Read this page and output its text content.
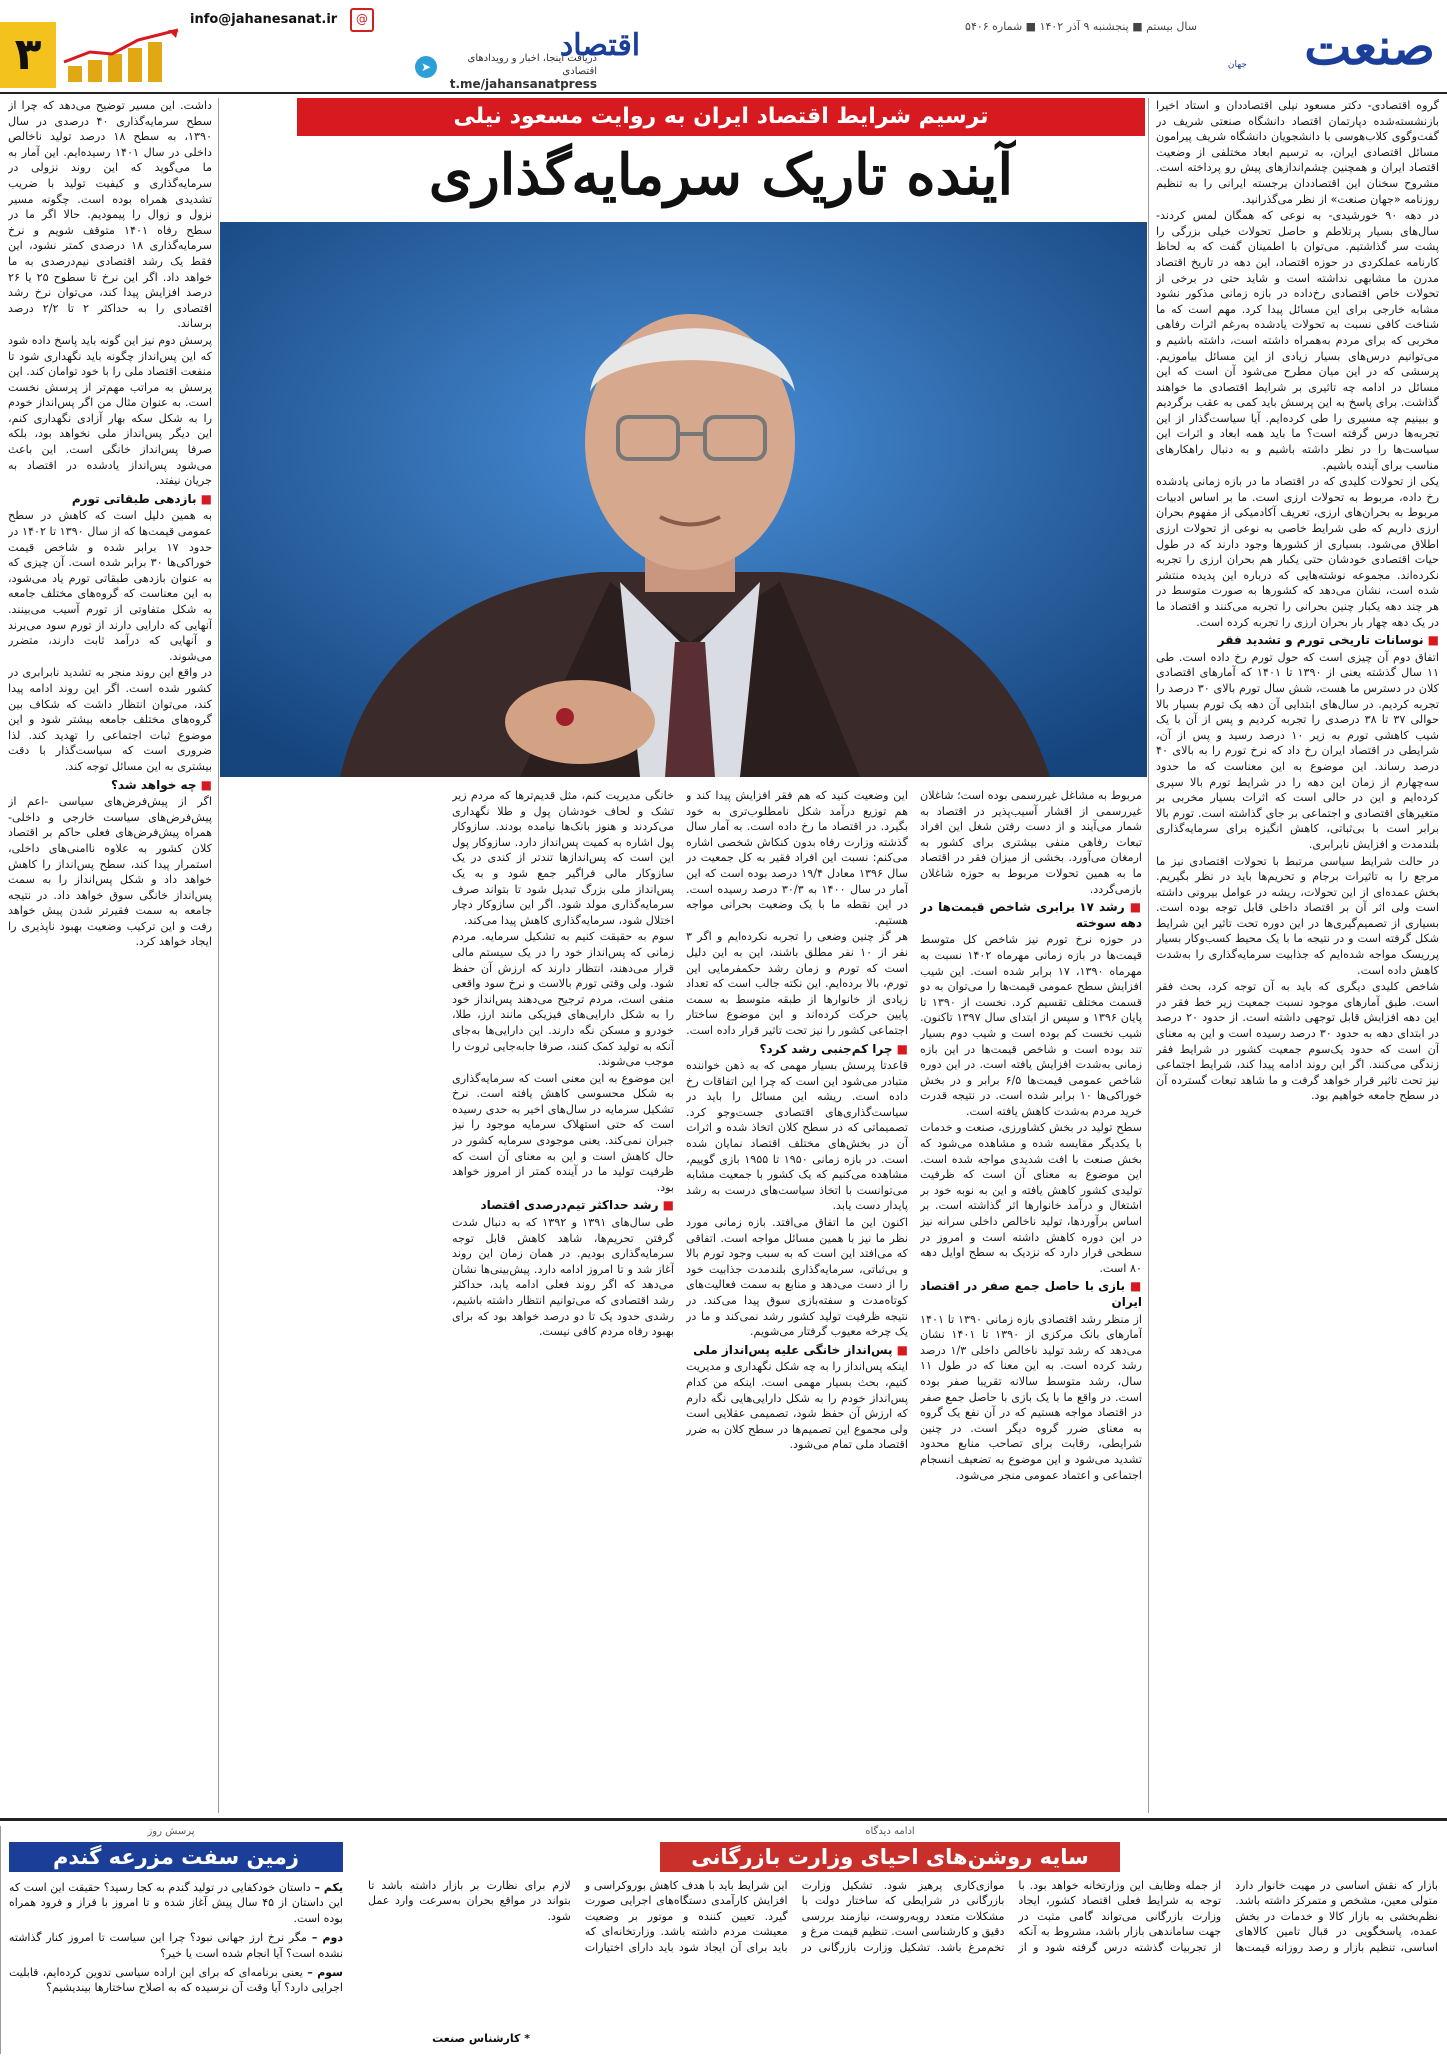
صنعت
جهان
سال بیستم ■ پنجشنبه ۹ آذر ۱۴۰۲ ■ شماره ۵۴۰۶
➤
دریافت اینجا، اخبار و رویدادهای اقتصادی
t.me/jahansanatpress
اقتصاد
@
info@jahanesanat.ir
۳
ترسیم شرایط اقتصاد ایران به روایت مسعود نیلی
آینده تاریک سرمایه‌گذاری

گروه اقتصادی- دکتر مسعود نیلی اقتصاددان و استاد اخیرا بازنشسته‌شده دپارتمان اقتصاد دانشگاه صنعتی شریف در گفت‌وگوی کلاب‌هوسی با دانشجویان دانشگاه شریف پیرامون مسائل اقتصادی ایران، به ترسیم ابعاد مختلفی از وضعیت اقتصاد ایران و همچنین چشم‌اندازهای پیش رو پرداخته است. مشروح سخنان این اقتصاددان برجسته ایرانی را به تنظیم روزنامه «جهان صنعت» از نظر می‌گذرانید.

در دهه ۹۰ خورشیدی- به نوعی که همگان لمس کردند- سال‌های بسیار پرتلاطم و حاصل تحولات خیلی بزرگی را پشت سر گذاشتیم. می‌توان با اطمینان گفت که به لحاظ کارنامه عملکردی در حوزه اقتصاد، این دهه در تاریخ اقتصاد مدرن ما مشابهی نداشته است و شاید حتی در برخی از تحولات خاص اقتصادی رخ‌داده در بازه زمانی مذکور نشود مشابه خارجی برای این مسائل پیدا کرد. مهم است که ما شناخت کافی نسبت به تحولات یادشده به‌رغم اثرات رفاهی مخربی که برای مردم به‌همراه داشته است، داشته باشیم و می‌توانیم درس‌های بسیار زیادی از این مسائل بیاموزیم. پرسشی که در این میان مطرح می‌شود آن است که این مسائل در ادامه چه تاثیری بر شرایط اقتصادی ما خواهند گذاشت. برای پاسخ به این پرسش باید کمی به عقب برگردیم و ببینیم چه مسیری را طی کرده‌ایم. آیا سیاست‌گذار از این تجربه‌ها درس گرفته است؟ ما باید همه ابعاد و اثرات این سیاست‌ها را در نظر داشته باشیم و به دنبال راهکارهای مناسب برای آینده باشیم.

یکی از تحولات کلیدی که در اقتصاد ما در بازه زمانی یادشده رخ داده، مربوط به تحولات ارزی است. ما بر اساس ادبیات مربوط به بحران‌های ارزی، تعریف آکادمیکی از مفهوم بحران ارزی داریم که طی شرایط خاصی به نوعی از تحولات ارزی اطلاق می‌شود. بسیاری از کشورها وجود دارند که در طول حیات اقتصادی خودشان حتی یکبار هم بحران ارزی را تجربه نکرده‌اند. مجموعه نوشته‌هایی که درباره این پدیده منتشر شده است، نشان می‌دهد که کشورها به صورت متوسط در هر چند دهه یکبار چنین بحرانی را تجربه می‌کنند و اقتصاد ما در یک دهه چهار بار بحران ارزی را تجربه کرده است.

■ نوسانات تاریخی تورم و تشدید فقر

اتفاق دوم آن چیزی است که حول تورم رخ داده است. طی ۱۱ سال گذشته یعنی از ۱۳۹۰ تا ۱۴۰۱ که آمارهای اقتصادی کلان در دسترس ما هست، شش سال تورم بالای ۳۰ درصد را تجربه کردیم. در سال‌های ابتدایی آن دهه یک تورم بسیار بالا حوالی ۳۷ تا ۳۸ درصدی را تجربه کردیم و پس از آن با یک شیب کاهشی تورم به زیر ۱۰ درصد رسید و پس از آن، شرایطی در اقتصاد ایران رخ داد که نرخ تورم را به بالای ۴۰ درصد رساند. این موضوع به این معناست که ما حدود سه‌چهارم از زمان این دهه را در شرایط تورم بالا سپری کرده‌ایم و این در حالی است که اثرات بسیار مخربی بر متغیرهای اقتصادی و اجتماعی بر جای گذاشته است. تورم بالا برابر است با بی‌ثباتی، کاهش انگیزه برای سرمایه‌گذاری بلندمدت و افزایش نابرابری.

در حالت شرایط سیاسی مرتبط با تحولات اقتصادی نیز ما مرجع را به تاثیرات برجام و تحریم‌ها باید در نظر بگیریم. بخش عمده‌ای از این تحولات، ریشه در عوامل بیرونی داشته است ولی اثر آن بر اقتصاد داخلی قابل توجه بوده است. بسیاری از تصمیم‌گیری‌ها در این دوره تحت تاثیر این شرایط شکل گرفته است و در نتیجه ما با یک محیط کسب‌وکار بسیار پرریسک مواجه شده‌ایم که جذابیت سرمایه‌گذاری را به‌شدت کاهش داده است.

شاخص کلیدی دیگری که باید به آن توجه کرد، بحث فقر است. طبق آمارهای موجود نسبت جمعیت زیر خط فقر در این دهه افزایش قابل توجهی داشته است. از حدود ۲۰ درصد در ابتدای دهه به حدود ۳۰ درصد رسیده است و این به معنای آن است که حدود یک‌سوم جمعیت کشور در شرایط فقر زندگی می‌کنند. اگر این روند ادامه پیدا کند، شرایط اجتماعی نیز تحت تاثیر قرار خواهد گرفت و ما شاهد تبعات گسترده آن در سطح جامعه خواهیم بود.

مربوط به مشاغل غیررسمی بوده است؛ شاغلان غیررسمی از اقشار آسیب‌پذیر در اقتصاد به شمار می‌آیند و از دست رفتن شغل این افراد تبعات رفاهی منفی بیشتری برای کشور به ارمغان می‌آورد. بخشی از میزان فقر در اقتصاد ما به همین تحولات مربوط به حوزه شاغلان بازمی‌گردد.

■ رشد ۱۷ برابری شاخص قیمت‌ها در دهه سوخته

در حوزه نرخ تورم نیز شاخص کل متوسط قیمت‌ها در بازه زمانی مهرماه ۱۴۰۲ نسبت به مهرماه ۱۳۹۰، ۱۷ برابر شده است. این شیب افزایش سطح عمومی قیمت‌ها را می‌توان به دو قسمت مختلف تقسیم کرد. نخست از ۱۳۹۰ تا پایان ۱۳۹۶ و سپس از ابتدای سال ۱۳۹۷ تاکنون. شیب نخست کم بوده است و شیب دوم بسیار تند بوده است و شاخص قیمت‌ها در این بازه زمانی به‌شدت افزایش یافته است. در این دوره شاخص عمومی قیمت‌ها ۶/۵ برابر و در بخش خوراکی‌ها ۱۰ برابر شده است. در نتیجه قدرت خرید مردم به‌شدت کاهش یافته است.

سطح تولید در بخش کشاورزی، صنعت و خدمات با یکدیگر مقایسه شده و مشاهده می‌شود که بخش صنعت با افت شدیدی مواجه شده است. این موضوع به معنای آن است که ظرفیت تولیدی کشور کاهش یافته و این به نوبه خود بر اشتغال و درآمد خانوارها اثر گذاشته است. بر اساس برآوردها، تولید ناخالص داخلی سرانه نیز در این دوره کاهش داشته است و امروز در سطحی قرار دارد که نزدیک به سطح اوایل دهه ۸۰ است.

■ بازی با حاصل جمع صفر در اقتصاد ایران

از منظر رشد اقتصادی بازه زمانی ۱۳۹۰ تا ۱۴۰۱ آمارهای بانک مرکزی از ۱۳۹۰ تا ۱۴۰۱ نشان می‌دهد که رشد تولید ناخالص داخلی ۱/۳ درصد رشد کرده است. به این معنا که در طول ۱۱ سال، رشد متوسط سالانه تقریبا صفر بوده است. در واقع ما با یک بازی با حاصل جمع صفر در اقتصاد مواجه هستیم که در آن نفع یک گروه به معنای ضرر گروه دیگر است. در چنین شرایطی، رقابت برای تصاحب منابع محدود تشدید می‌شود و این موضوع به تضعیف انسجام اجتماعی و اعتماد عمومی منجر می‌شود.

این وضعیت کنید که هم فقر افزایش پیدا کند و هم توزیع درآمد شکل نامطلوب‌تری به خود بگیرد. در اقتصاد ما رخ داده است. به آمار سال گذشته وزارت رفاه بدون کنکاش شخصی اشاره می‌کنم: نسبت این افراد فقیر به کل جمعیت در سال ۱۳۹۶ معادل ۱۹/۴ درصد بوده است که این آمار در سال ۱۴۰۰ به ۳۰/۳ درصد رسیده است. در این نقطه ما با یک وضعیت بحرانی مواجه هستیم.

هر گز چنین وضعی را تجربه نکرده‌ایم و اگر ۳ نفر از ۱۰ نفر مطلق باشند، این به این دلیل است که تورم و زمان رشد حکمفرمایی این تورم، بالا برده‌ایم. این نکته جالب است که تعداد زیادی از خانوارها از طبقه متوسط به سمت پایین حرکت کرده‌اند و این موضوع ساختار اجتماعی کشور را نیز تحت تاثیر قرار داده است.

■ چرا کم‌جنبی رشد کرد؟

قاعدتا پرسش بسیار مهمی که به ذهن خواننده متبادر می‌شود این است که چرا این اتفاقات رخ داده است. ریشه این مسائل را باید در سیاست‌گذاری‌های اقتصادی جست‌وجو کرد. تصمیماتی که در سطح کلان اتخاذ شده و اثرات آن در بخش‌های مختلف اقتصاد نمایان شده است. در بازه زمانی ۱۹۵۰ تا ۱۹۵۵ بازی گوییم، مشاهده می‌کنیم که یک کشور با جمعیت مشابه می‌توانست با اتخاذ سیاست‌های درست به رشد پایدار دست یابد.

اکنون این ما اتفاق می‌افتد. بازه زمانی مورد نظر ما نیز با همین مسائل مواجه است. اتفاقی که می‌افتد این است که به سبب وجود تورم بالا و بی‌ثباتی، سرمایه‌گذاری بلندمدت جذابیت خود را از دست می‌دهد و منابع به سمت فعالیت‌های کوتاه‌مدت و سفته‌بازی سوق پیدا می‌کند. در نتیجه ظرفیت تولید کشور رشد نمی‌کند و ما در یک چرخه معیوب گرفتار می‌شویم.

■ پس‌انداز خانگی علیه پس‌انداز ملی

اینکه پس‌انداز را به چه شکل نگهداری و مدیریت کنیم، بحث بسیار مهمی است. اینکه من کدام پس‌انداز خودم را به شکل دارایی‌هایی نگه دارم که ارزش آن حفظ شود، تصمیمی عقلایی است ولی مجموع این تصمیم‌ها در سطح کلان به ضرر اقتصاد ملی تمام می‌شود.

خانگی مدیریت کنم، مثل قدیم‌ترها که مردم زیر تشک و لحاف خودشان پول و طلا نگهداری می‌کردند و هنوز بانک‌ها نیامده بودند. سازوکار پول اشاره به کمیت پس‌انداز دارد. سازوکار پول این است که پس‌اندازها تندتر از کندی در یک سازوکار مالی فراگیر جمع شود و به یک پس‌انداز ملی بزرگ تبدیل شود تا بتواند صرف سرمایه‌گذاری مولد شود. اگر این سازوکار دچار اختلال شود، سرمایه‌گذاری کاهش پیدا می‌کند.

سوم به حقیقت کنیم به تشکیل سرمایه. مردم زمانی که پس‌انداز خود را در یک سیستم مالی قرار می‌دهند، انتظار دارند که ارزش آن حفظ شود. ولی وقتی تورم بالاست و نرخ سود واقعی منفی است، مردم ترجیح می‌دهند پس‌انداز خود را به شکل دارایی‌های فیزیکی مانند ارز، طلا، خودرو و مسکن نگه دارند. این دارایی‌ها به‌جای آنکه به تولید کمک کنند، صرفا جابه‌جایی ثروت را موجب می‌شوند.

این موضوع به این معنی است که سرمایه‌گذاری به شکل محسوسی کاهش یافته است. نرخ تشکیل سرمایه در سال‌های اخیر به حدی رسیده است که حتی استهلاک سرمایه موجود را نیز جبران نمی‌کند. یعنی موجودی سرمایه کشور در حال کاهش است و این به معنای آن است که ظرفیت تولید ما در آینده کمتر از امروز خواهد بود.

■ رشد حداکثر تیم‌درصدی اقتصاد

طی سال‌های ۱۳۹۱ و ۱۳۹۲ که به دنبال شدت گرفتن تحریم‌ها، شاهد کاهش قابل توجه سرمایه‌گذاری بودیم. در همان زمان این روند آغاز شد و تا امروز ادامه دارد. پیش‌بینی‌ها نشان می‌دهد که اگر روند فعلی ادامه یابد، حداکثر رشد اقتصادی که می‌توانیم انتظار داشته باشیم، رشدی حدود یک تا دو درصد خواهد بود که برای بهبود رفاه مردم کافی نیست.

داشت. این مسیر توضیح می‌دهد که چرا از سطح سرمایه‌گذاری ۴۰ درصدی در سال ۱۳۹۰، به سطح ۱۸ درصد تولید ناخالص داخلی در سال ۱۴۰۱ رسیده‌ایم. این آمار به ما می‌گوید که این روند نزولی در سرمایه‌گذاری و کیفیت تولید با ضریب تشدیدی همراه بوده است. چگونه مسیر نزول و زوال را پیمودیم. حالا اگر ما در سطح رفاه ۱۴۰۱ متوقف شویم و نرخ سرمایه‌گذاری ۱۸ درصدی کمتر نشود، این فقط یک رشد اقتصادی نیم‌درصدی به ما خواهد داد. اگر این نرخ تا سطوح ۲۵ یا ۲۶ درصد افزایش پیدا کند، می‌توان نرخ رشد اقتصادی را به حداکثر ۲ تا ۲/۲ درصد برساند.

پرسش دوم نیز این گونه باید پاسخ داده شود که این پس‌انداز چگونه باید نگهداری شود تا منفعت اقتصاد ملی را با خود توامان کند. این پرسش به مراتب مهم‌تر از پرسش نخست است. به عنوان مثال من اگر پس‌انداز خودم را به شکل سکه بهار آزادی نگهداری کنم، این دیگر پس‌انداز ملی نخواهد بود، بلکه صرفا پس‌انداز خانگی است. این باعث می‌شود پس‌انداز یادشده در اقتصاد به جریان نیفتد.

■ بازدهی طبقاتی تورم

به همین دلیل است که کاهش در سطح عمومی قیمت‌ها که از سال ۱۳۹۰ تا ۱۴۰۲ در حدود ۱۷ برابر شده و شاخص قیمت خوراکی‌ها ۳۰ برابر شده است. آن چیزی که به عنوان بازدهی طبقاتی تورم یاد می‌شود، به این معناست که گروه‌های مختلف جامعه به شکل متفاوتی از تورم آسیب می‌بینند. آنهایی که دارایی دارند از تورم سود می‌برند و آنهایی که درآمد ثابت دارند، متضرر می‌شوند.

در واقع این روند منجر به تشدید نابرابری در کشور شده است. اگر این روند ادامه پیدا کند، می‌توان انتظار داشت که شکاف بین گروه‌های مختلف جامعه بیشتر شود و این موضوع ثبات اجتماعی را تهدید کند. لذا ضروری است که سیاست‌گذار با دقت بیشتری به این مسائل توجه کند.

■ چه خواهد شد؟

اگر از پیش‌فرض‌های سیاسی -اعم از پیش‌فرض‌های سیاست خارجی و داخلی- همراه پیش‌فرض‌های فعلی حاکم بر اقتصاد کلان کشور به علاوه ناامنی‌های داخلی، استمرار پیدا کند، سطح پس‌انداز را کاهش خواهد داد و شکل پس‌انداز را به سمت پس‌انداز خانگی سوق خواهد داد. در نتیجه جامعه به سمت فقیرتر شدن پیش خواهد رفت و این ترکیب وضعیت بهبود ناپذیری را ایجاد خواهد کرد.

ادامه دیدگاه
سایه روشن‌های احیای وزارت بازرگانی
بازار که نقش اساسی در مهیت خانوار دارد متولی معین، مشخص و متمرکز داشته باشد. نظم‌بخشی به بازار کالا و خدمات در بخش عمده، پاسخگویی در قبال تامین کالاهای اساسی، تنظیم بازار و رصد روزانه قیمت‌ها از جمله وظایف این وزارتخانه خواهد بود. با توجه به شرایط فعلی اقتصاد کشور، ایجاد وزارت بازرگانی می‌تواند گامی مثبت در جهت ساماندهی بازار باشد، مشروط به آنکه از تجربیات گذشته درس گرفته شود و از موازی‌کاری پرهیز شود. تشکیل وزارت بازرگانی در شرایطی که ساختار دولت با مشکلات متعدد روبه‌روست، نیازمند بررسی دقیق و کارشناسی است. تنظیم قیمت مرغ و تخم‌مرغ باشد. تشکیل وزارت بازرگانی در این شرایط باید با هدف کاهش بوروکراسی و افزایش کارآمدی دستگاه‌های اجرایی صورت گیرد. تعیین کننده و موتور بر وضعیت معیشت مردم داشته باشد. وزارتخانه‌ای که باید برای آن ایجاد شود باید دارای اختیارات لازم برای نظارت بر بازار داشته باشد تا بتواند در مواقع بحران به‌سرعت وارد عمل شود.
* کارشناس صنعت
پرسش روز
زمین سفت مزرعه گندم

یکم – داستان خودکفایی در تولید گندم به کجا رسید؟ حقیقت این است که این داستان از ۴۵ سال پیش آغاز شده و تا امروز با فراز و فرود همراه بوده است.

دوم – مگر نرخ ارز جهانی نبود؟ چرا این سیاست تا امروز کنار گذاشته نشده است؟ آیا انجام شده است یا خیر؟

سوم – یعنی برنامه‌ای که برای این اراده سیاسی تدوین کرده‌ایم، قابلیت اجرایی دارد؟ آیا وقت آن نرسیده که به اصلاح ساختارها بیندیشیم؟
